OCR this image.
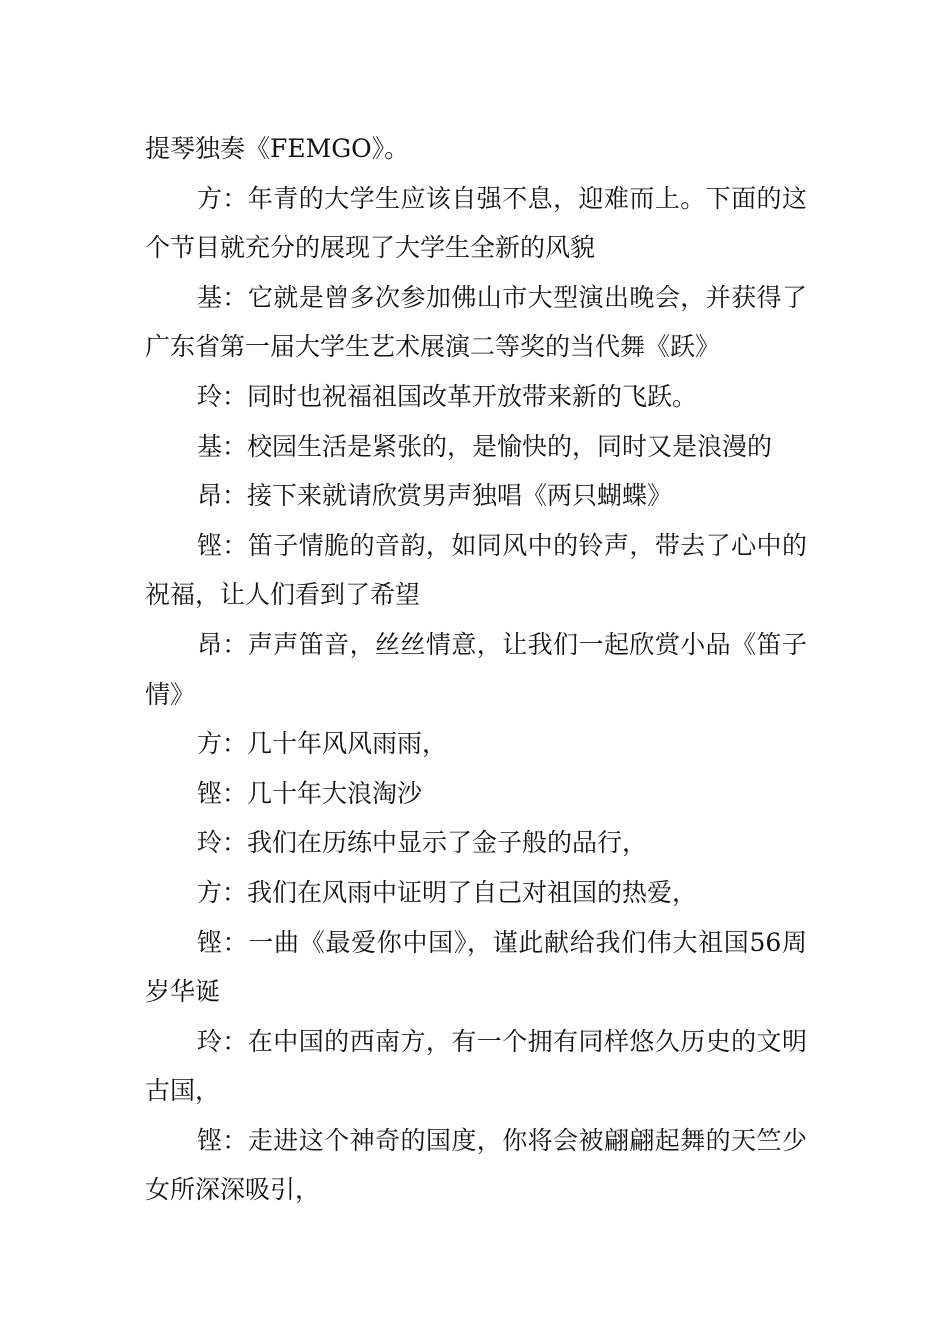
提琴独奏《FEMGO》。

方：年青的大学生应该自强不息，迎难而上。下面的这个节目就充分的展现了大学生全新的风貌

基：它就是曾多次参加佛山市大型演出晚会，并获得了广东省第一届大学生艺术展演二等奖的当代舞《跃》

玲：同时也祝福祖国改革开放带来新的飞跃。

基：校园生活是紧张的，是愉快的，同时又是浪漫的

昂：接下来就请欣赏男声独唱《两只蝴蝶》

铿：笛子情脆的音韵，如同风中的铃声，带去了心中的祝福，让人们看到了希望

昂：声声笛音，丝丝情意，让我们一起欣赏小品《笛子情》

方：几十年风风雨雨，

铿：几十年大浪淘沙

玲：我们在历练中显示了金子般的品行，

方：我们在风雨中证明了自己对祖国的热爱，

铿：一曲《最爱你中国》，谨此献给我们伟大祖国56周岁华诞

玲：在中国的西南方，有一个拥有同样悠久历史的文明古国，

铿：走进这个神奇的国度，你将会被翩翩起舞的天竺少女所深深吸引，
